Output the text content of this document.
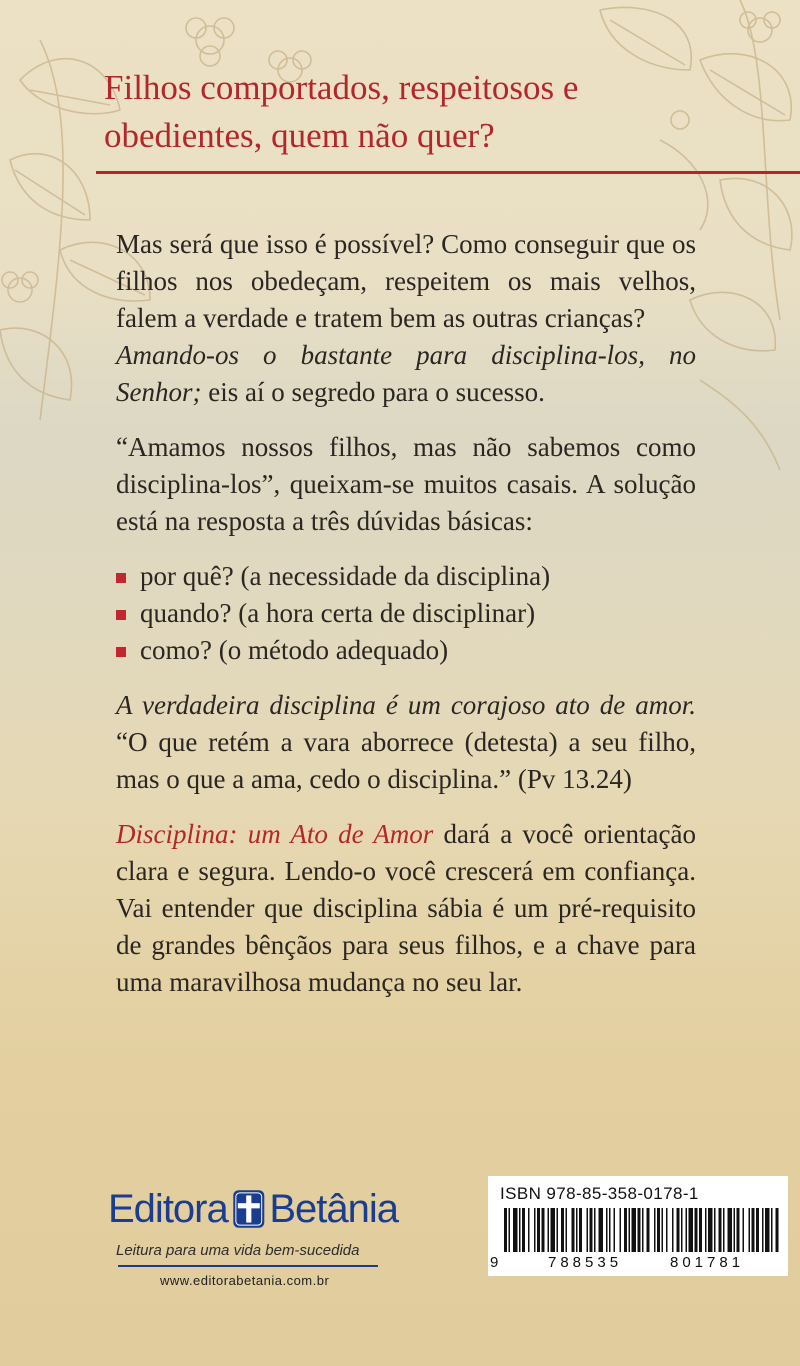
Filhos comportados, respeitosos e obedientes, quem não quer?

Mas será que isso é possível? Como conseguir que os filhos nos obedeçam, respeitem os mais velhos, falem a verdade e tratem bem as outras crianças?

Amando-os o bastante para disciplina-los, no Senhor; eis aí o segredo para o sucesso.

“Amamos nossos filhos, mas não sabemos como disciplina-los”, queixam-se muitos casais. A solução está na resposta a três dúvidas básicas:

por quê? (a necessidade da disciplina)
quando? (a hora certa de disciplinar)
como? (o método adequado)

A verdadeira disciplina é um corajoso ato de amor. “O que retém a vara aborrece (detesta) a seu filho, mas o que a ama, cedo o disciplina.” (Pv 13.24)

Disciplina: um Ato de Amor dará a você orientação clara e segura. Lendo-o você crescerá em confiança. Vai entender que disciplina sábia é um pré-requisito de grandes bênçãos para seus filhos, e a chave para uma maravilhosa mudança no seu lar.

Editora Betânia
Leitura para uma vida bem-sucedida
www.editorabetania.com.br
ISBN 978-85-358-0178-1
9	788535	801781
